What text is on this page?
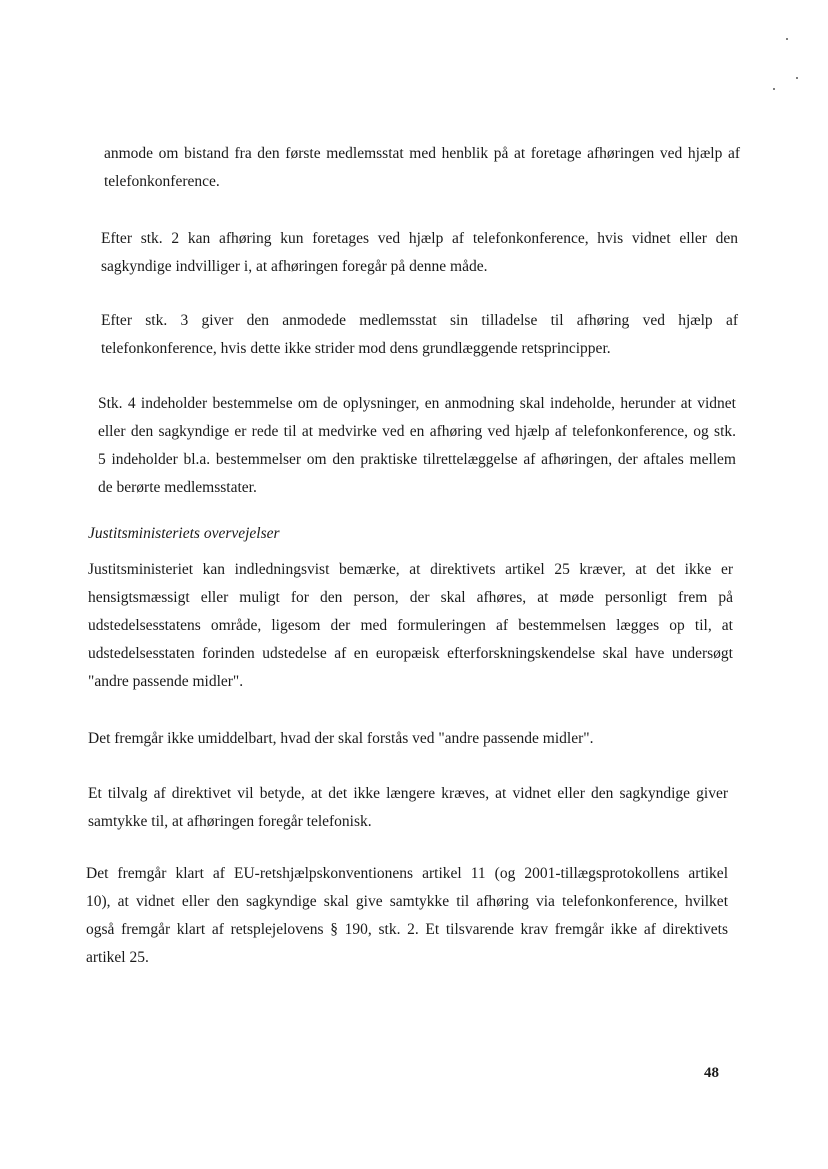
anmode om bistand fra den første medlemsstat med henblik på at foretage afhøringen ved hjælp af
telefonkonference.

Efter stk. 2 kan afhøring kun foretages ved hjælp af telefonkonference, hvis vidnet eller den
sagkyndige indvilliger i, at afhøringen foregår på denne måde.

Efter stk. 3 giver den anmodede medlemsstat sin tilladelse til afhøring ved hjælp af
telefonkonference, hvis dette ikke strider mod dens grundlæggende retsprincipper.

Stk. 4 indeholder bestemmelse om de oplysninger, en anmodning skal indeholde, herunder at vidnet
eller den sagkyndige er rede til at medvirke ved en afhøring ved hjælp af telefonkonference, og stk.
5 indeholder bl.a. bestemmelser om den praktiske tilrettelæggelse af afhøringen, der aftales mellem
de berørte medlemsstater.

Justitsministeriets overvejelser

Justitsministeriet kan indledningsvist bemærke, at direktivets artikel 25 kræver, at det ikke er
hensigtsmæssigt eller muligt for den person, der skal afhøres, at møde personligt frem på
udstedelsesstatens område, ligesom der med formuleringen af bestemmelsen lægges op til, at
udstedelsesstaten forinden udstedelse af en europæisk efterforskningskendelse skal have undersøgt
"andre passende midler".

Det fremgår ikke umiddelbart, hvad der skal forstås ved "andre passende midler".

Et tilvalg af direktivet vil betyde, at det ikke længere kræves, at vidnet eller den sagkyndige giver
samtykke til, at afhøringen foregår telefonisk.

Det fremgår klart af EU-retshjælpskonventionens artikel 11 (og 2001-tillægsprotokollens artikel
10), at vidnet eller den sagkyndige skal give samtykke til afhøring via telefonkonference, hvilket
også fremgår klart af retsplejelovens § 190, stk. 2. Et tilsvarende krav fremgår ikke af direktivets
artikel 25.

48
